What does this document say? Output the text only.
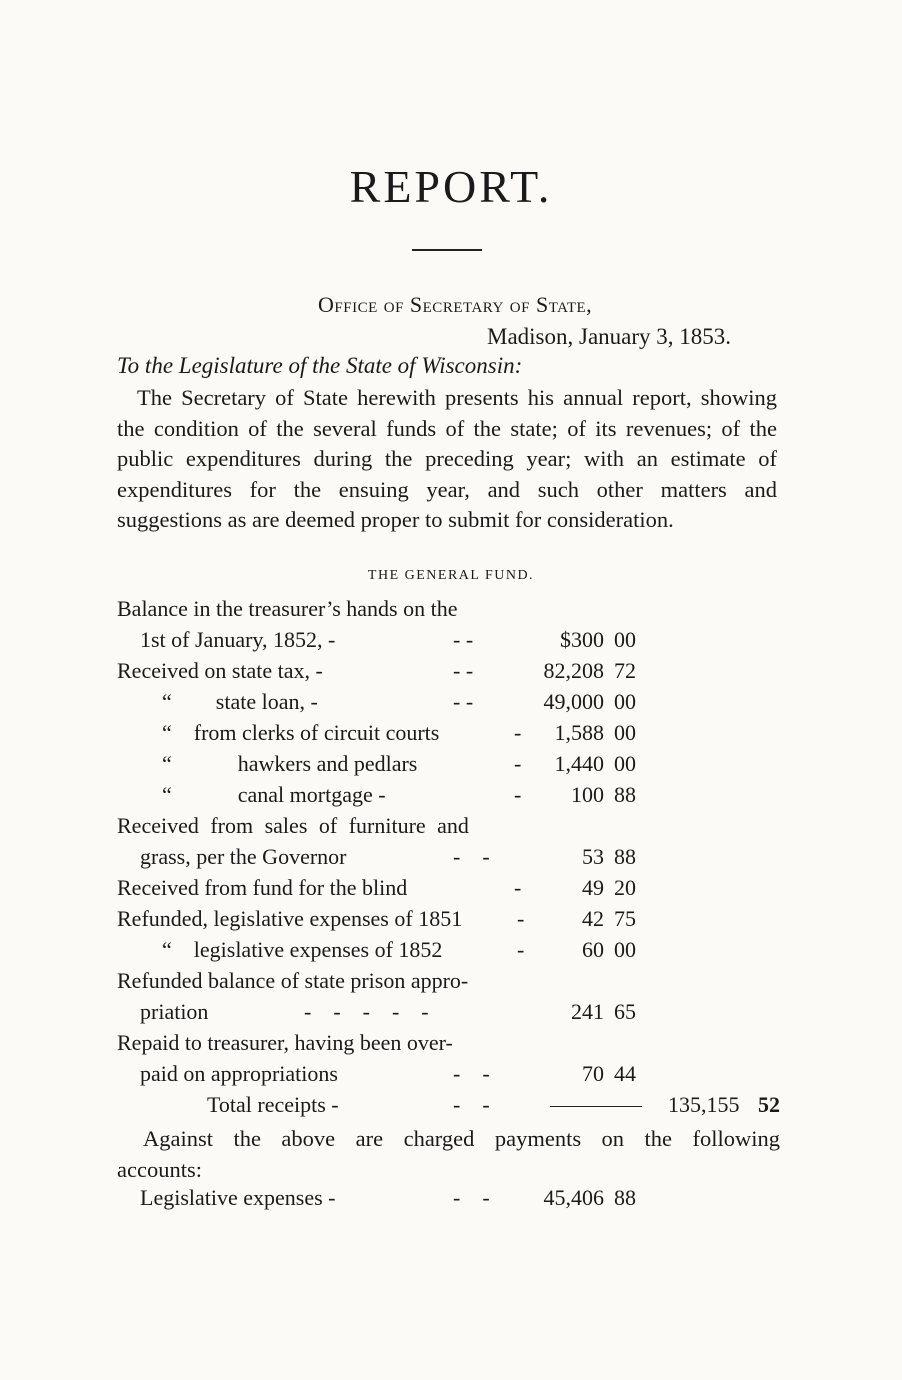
REPORT.
Office of Secretary of State,
Madison, January 3, 1853.
To the Legislature of the State of Wisconsin:
The Secretary of State herewith presents his annual report, showing the condition of the several funds of the state; of its revenues; of the public expenditures during the preceding year; with an estimate of expenditures for the ensuing year, and such other matters and suggestions as are deemed proper to submit for consideration.
THE GENERAL FUND.
Balance in the treasurer’s hands on the
1st of January, 1852, -	- -	$300 00
Received on state tax, -	- -	82,208 72
“        state loan, -	- -	49,000 00
“    from clerks of circuit courts	-	1,588 00
“            hawkers and pedlars	-	1,440 00
“            canal mortgage -	-	100 88
Received from sales of furniture and
grass, per the Governor	-    -	53 88
Received from fund for the blind	-	49 20
Refunded, legislative expenses of 1851 -	42 75
“    legislative expenses of 1852	-	60 00
Refunded balance of state prison appro-
priation	-    -    -    -    -	241 65
Repaid to treasurer, having been over-
paid on appropriations	-    -	70 44
Total receipts -	-    -	135,155 52
Against the above are charged payments on the following accounts:
Legislative expenses -	-    -	45,406 88
